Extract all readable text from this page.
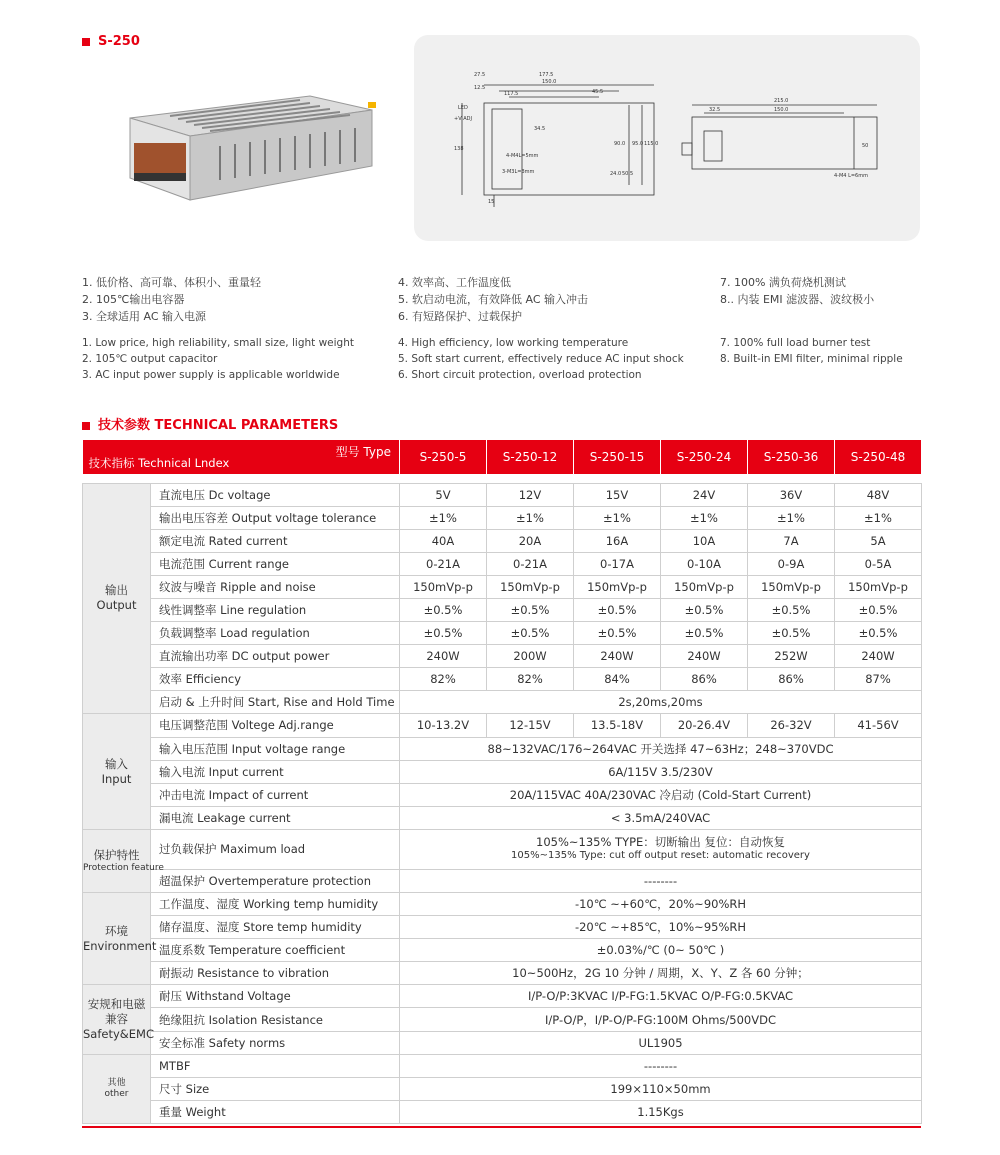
S-250
27.5	177.5
150.0
12.5
117.5	45.5
138
34.5
90.0 95.0 115.0
50.5
24.0
LED
+V ADJ
4-M4L=5mm
3-M3L=3mm
15
215.0
32.5	150.0
50
4-M4 L=6mm
1. 低价格、高可靠、体积小、重量轻
2. 105℃输出电容器
3. 全球适用 AC 输入电源
4. 效率高、工作温度低
5. 软启动电流，有效降低 AC 输入冲击
6. 有短路保护、过载保护
7. 100% 满负荷烧机测试
8.. 内装 EMI 滤波器、波纹极小
1. Low price, high reliability, small size, light weight
2. 105℃ output capacitor
3. AC input power supply is applicable worldwide
4. High efficiency, low working temperature
5. Soft start current, effectively reduce AC input shock
6. Short circuit protection, overload protection
7. 100% full load burner test
8. Built-in EMI filter, minimal ripple
技术参数 TECHNICAL PARAMETERS
型号 Type
技术指标 Technical Lndex		S-250-5	S-250-12	S-250-15	S-250-24	S-250-36	S-250-48

输出
Output	直流电压 Dc voltage	5V	12V	15V	24V	36V	48V
	输出电压容差 Output voltage tolerance	±1%	±1%	±1%	±1%	±1%	±1%
	额定电流 Rated current	40A	20A	16A	10A	7A	5A
	电流范围 Current range	0-21A	0-21A	0-17A	0-10A	0-9A	0-5A
	纹波与噪音 Ripple and noise	150mVp-p	150mVp-p	150mVp-p	150mVp-p	150mVp-p	150mVp-p
	线性调整率 Line regulation	±0.5%	±0.5%	±0.5%	±0.5%	±0.5%	±0.5%
	负载调整率 Load regulation	±0.5%	±0.5%	±0.5%	±0.5%	±0.5%	±0.5%
	直流输出功率 DC output power	240W	200W	240W	240W	252W	240W
	效率 Efficiency	82%	82%	84%	86%	86%	87%
	启动 & 上升时间 Start, Rise and Hold Time	2s,20ms,20ms					
输入
Input	电压调整范围 Voltege Adj.range	10-13.2V	12-15V	13.5-18V	20-26.4V	26-32V	41-56V
	输入电压范围 Input voltage range	88~132VAC/176~264VAC 开关选择 47~63Hz；248~370VDC					
	输入电流 Input current	6A/115V 3.5/230V					
	冲击电流 Impact of current	20A/115VAC 40A/230VAC 冷启动 (Cold-Start Current)					
	漏电流 Leakage current	< 3.5mA/240VAC					
保护特性
Protection feature	过负载保护 Maximum load	105%~135% TYPE：切断输出 复位：自动恢复
105%~135% Type: cut off output reset: automatic recovery					

	超温保护 Overtemperature protection	--------					
环境
Environment	工作温度、湿度 Working temp humidity	-10℃ ~+60℃，20%~90%RH					
	储存温度、湿度 Store temp humidity	-20℃ ~+85℃，10%~95%RH					
	温度系数 Temperature coefficient	±0.03%/℃ (0~ 50℃ )					
	耐振动 Resistance to vibration	10~500Hz，2G 10 分钟 / 周期，X、Y、Z 各 60 分钟；					
安规和电磁兼容
Safety&EMC	耐压 Withstand Voltage	I/P-O/P:3KVAC I/P-FG:1.5KVAC O/P-FG:0.5KVAC					
	绝缘阻抗 Isolation Resistance	I/P-O/P，I/P-O/P-FG:100M Ohms/500VDC					
	安全标准 Safety norms	UL1905					

其他
other	MTBF	--------					
	尺寸 Size	199×110×50mm					
	重量 Weight	1.15Kgs					
